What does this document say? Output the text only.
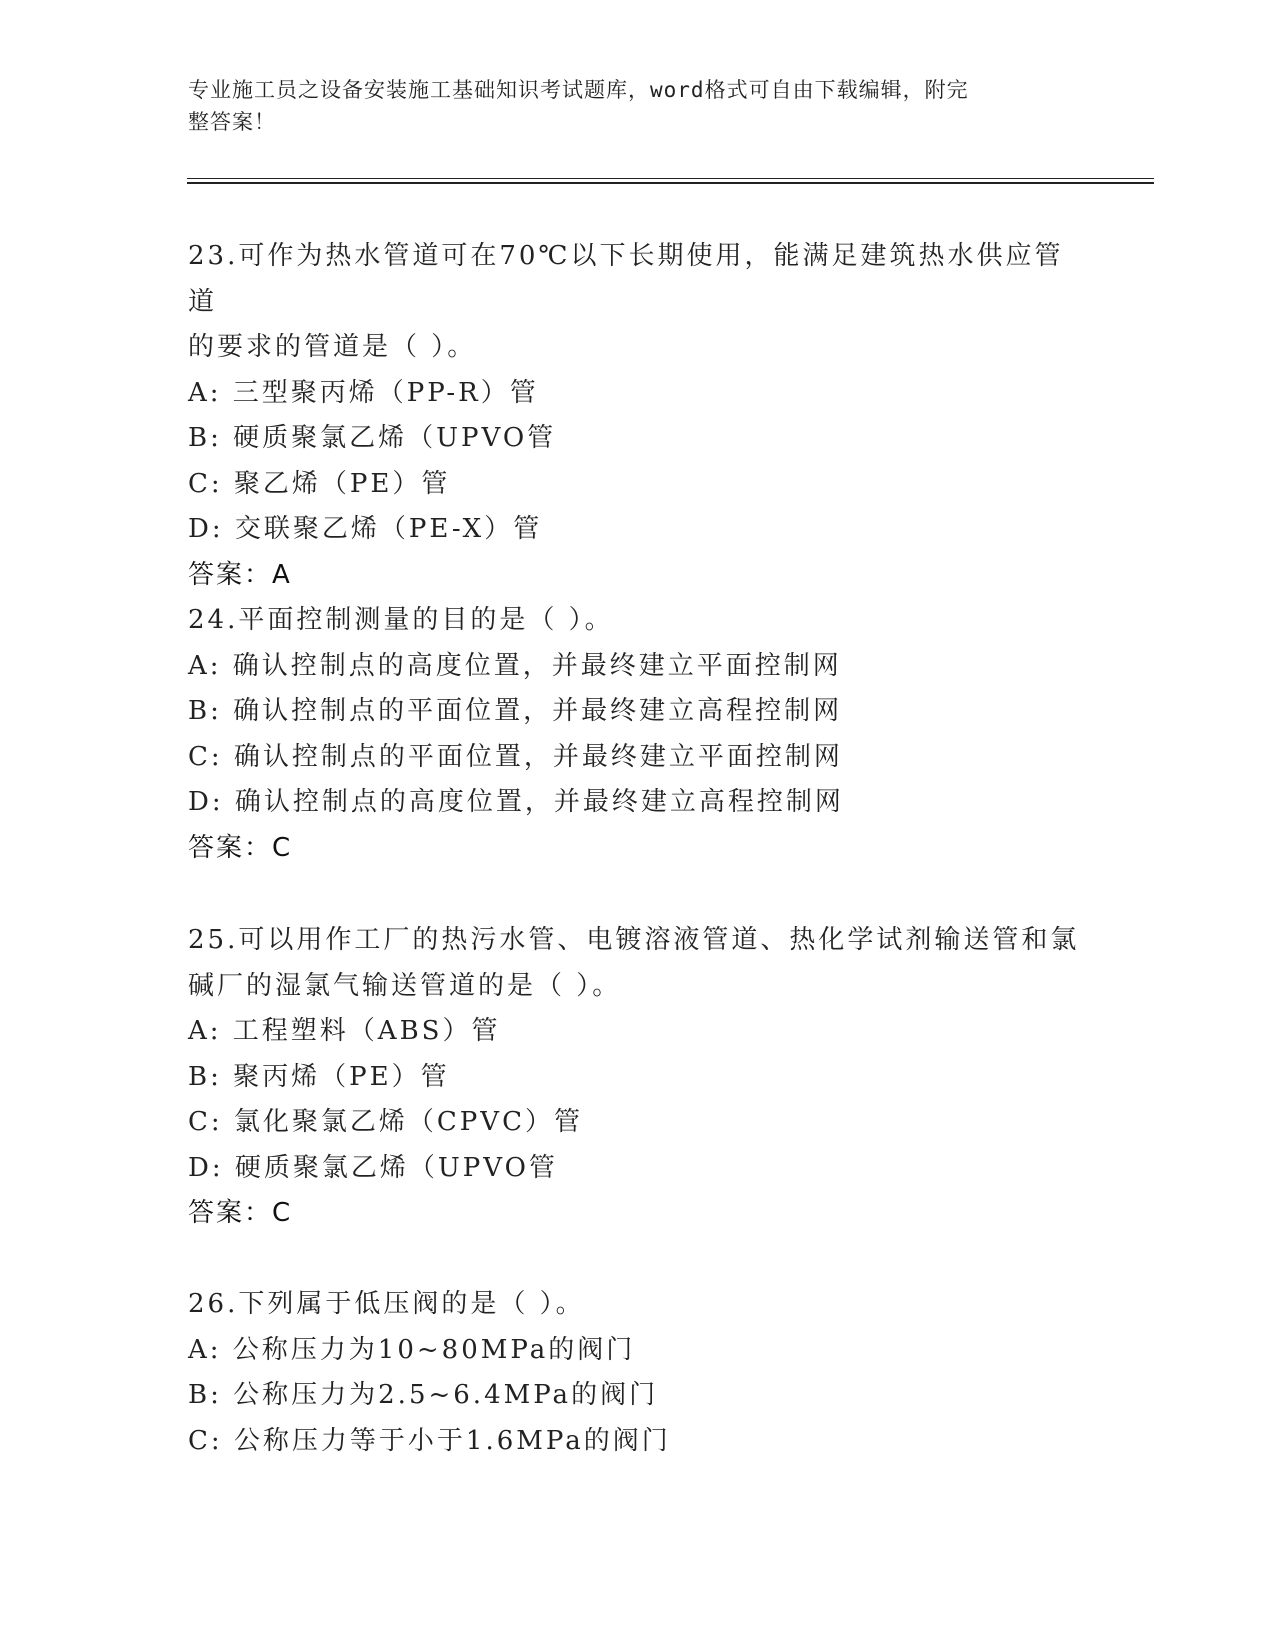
专业施工员之设备安装施工基础知识考试题库，word格式可自由下载编辑，附完
整答案！
23.可作为热水管道可在70℃以下长期使用，能满足建筑热水供应管道
的要求的管道是（ ）。
A: 三型聚丙烯（PP-R）管
B: 硬质聚氯乙烯（UPVO管
C: 聚乙烯（PE）管
D: 交联聚乙烯（PE-X）管
答案：A
24.平面控制测量的目的是（ ）。
A: 确认控制点的高度位置，并最终建立平面控制网
B: 确认控制点的平面位置，并最终建立高程控制网
C: 确认控制点的平面位置，并最终建立平面控制网
D: 确认控制点的高度位置，并最终建立高程控制网
答案：C
25.可以用作工厂的热污水管、电镀溶液管道、热化学试剂输送管和氯
碱厂的湿氯气输送管道的是（ ）。
A: 工程塑料（ABS）管
B: 聚丙烯（PE）管
C: 氯化聚氯乙烯（CPVC）管
D: 硬质聚氯乙烯（UPVO管
答案：C
26.下列属于低压阀的是（ ）。
A: 公称压力为10~80MPa的阀门
B: 公称压力为2.5~6.4MPa的阀门
C: 公称压力等于小于1.6MPa的阀门
